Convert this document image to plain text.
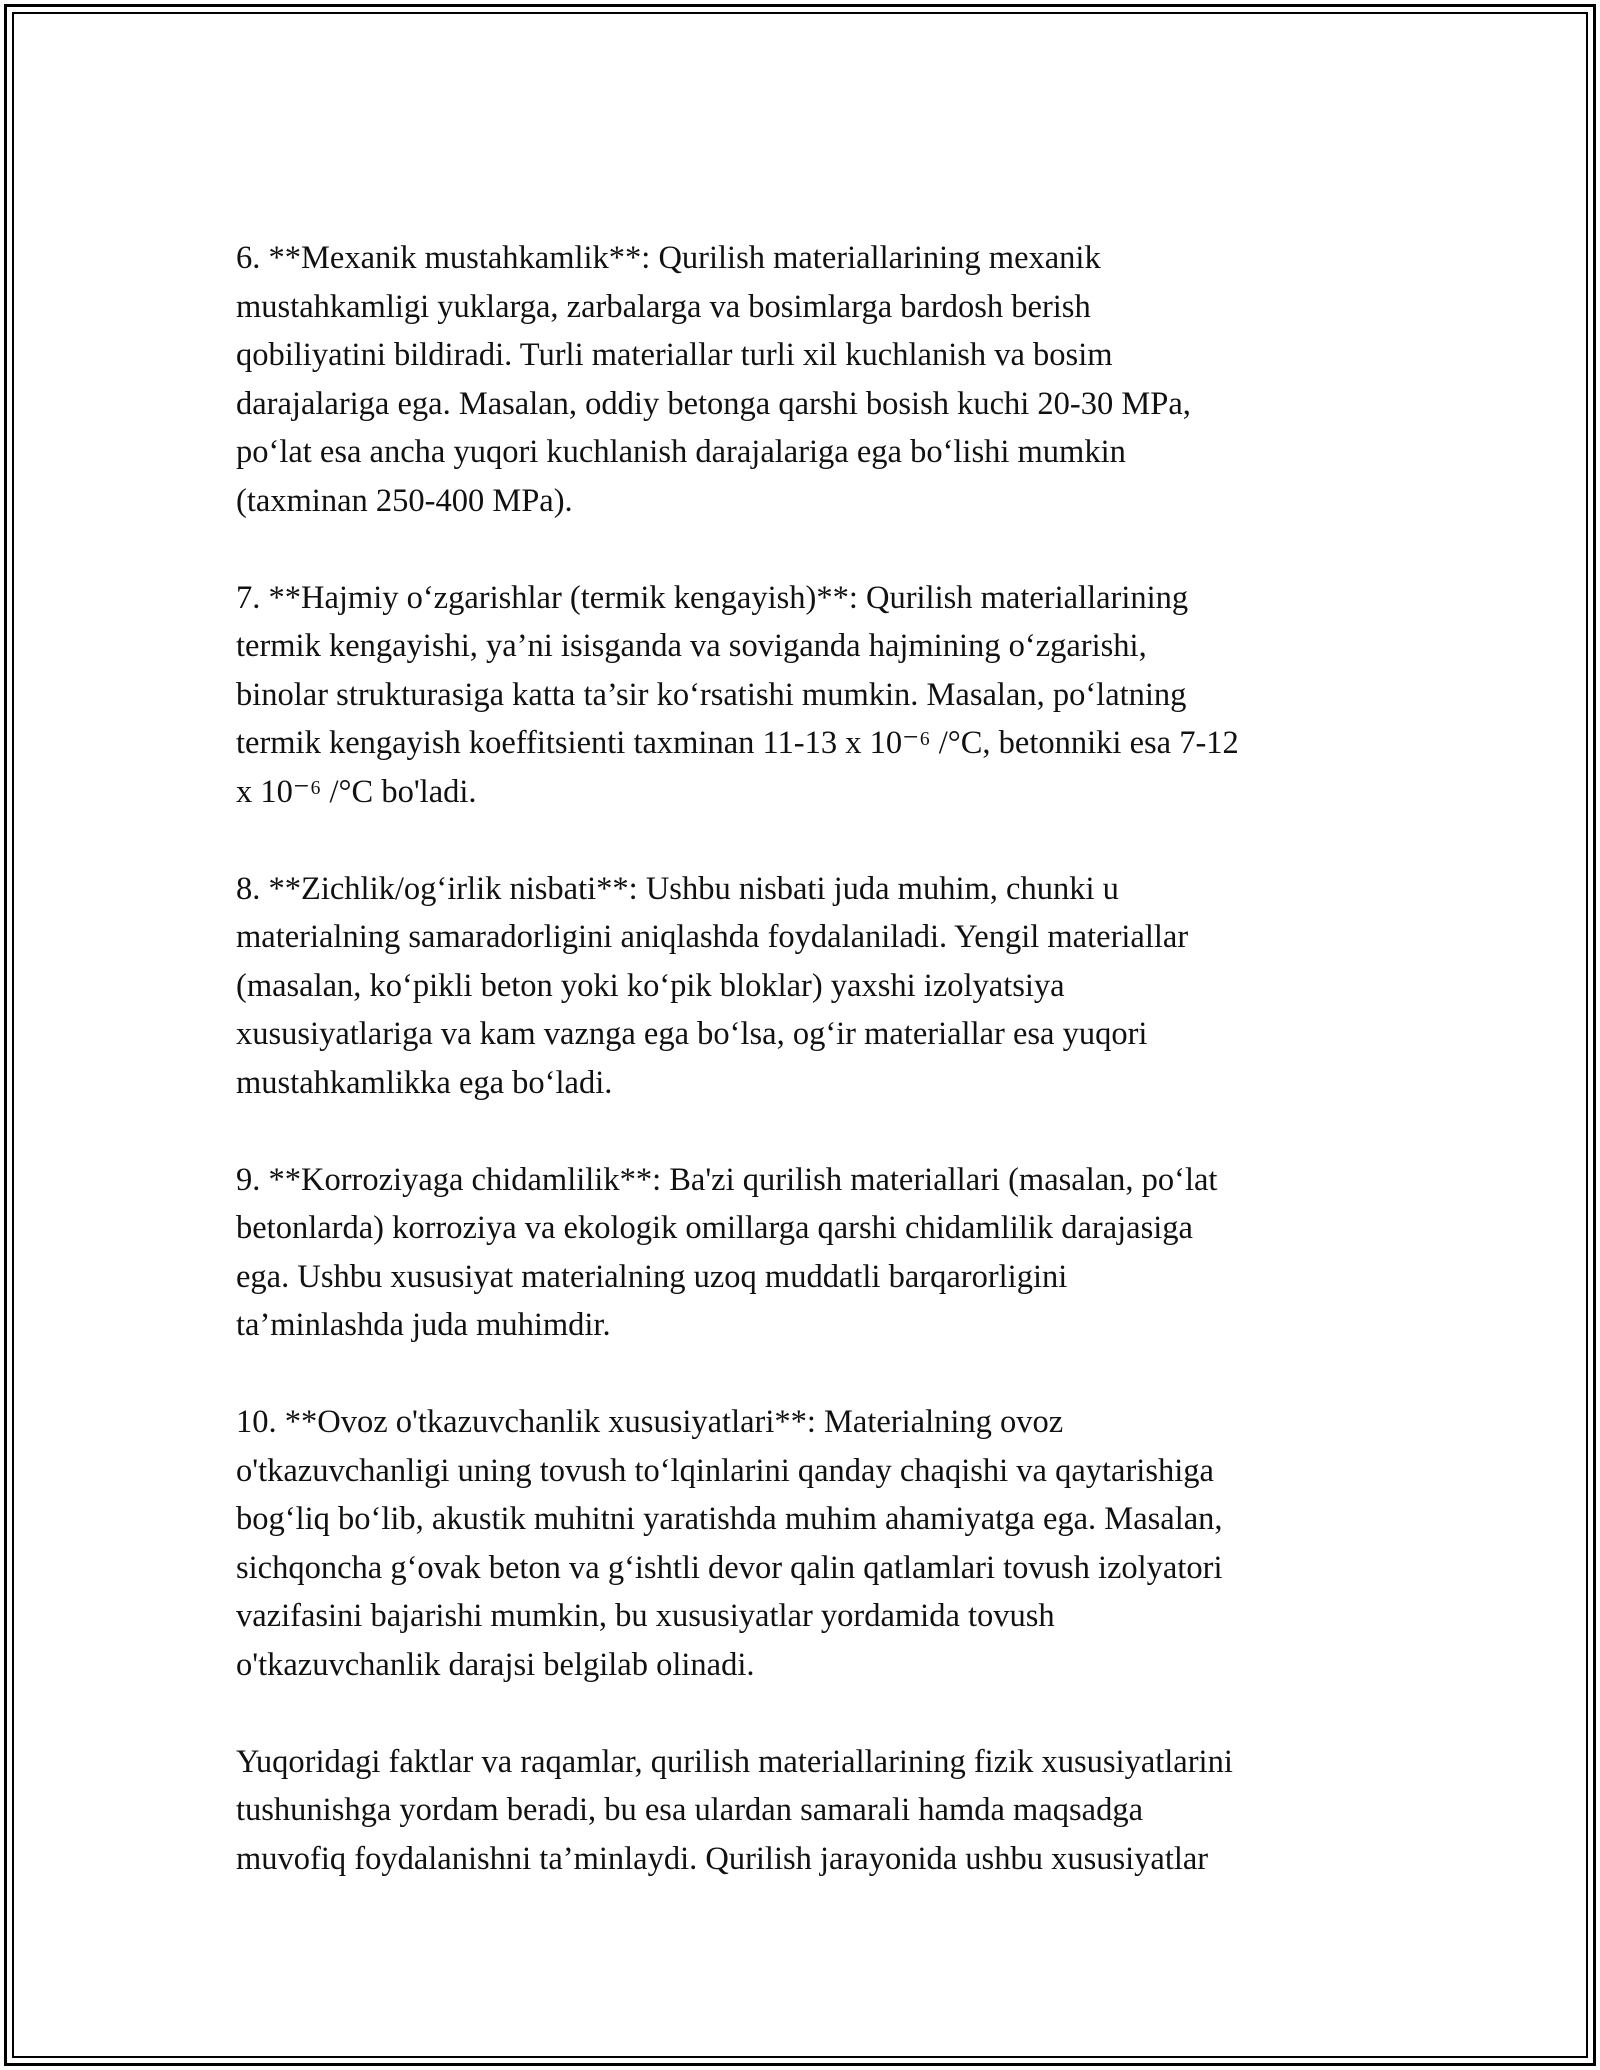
6. **Mexanik mustahkamlik**: Qurilish materiallarining mexanik
mustahkamligi yuklarga, zarbalarga va bosimlarga bardosh berish
qobiliyatini bildiradi. Turli materiallar turli xil kuchlanish va bosim
darajalariga ega. Masalan, oddiy betonga qarshi bosish kuchi 20-30 MPa,
po‘lat esa ancha yuqori kuchlanish darajalariga ega bo‘lishi mumkin
(taxminan 250-400 MPa).

7. **Hajmiy o‘zgarishlar (termik kengayish)**: Qurilish materiallarining
termik kengayishi, ya’ni isisganda va soviganda hajmining o‘zgarishi,
binolar strukturasiga katta ta’sir ko‘rsatishi mumkin. Masalan, po‘latning
termik kengayish koeffitsienti taxminan 11-13 x 10⁻⁶ /°C, betonniki esa 7-12
x 10⁻⁶ /°C bo'ladi.

8. **Zichlik/og‘irlik nisbati**: Ushbu nisbati juda muhim, chunki u
materialning samaradorligini aniqlashda foydalaniladi. Yengil materiallar
(masalan, ko‘pikli beton yoki ko‘pik bloklar) yaxshi izolyatsiya
xususiyatlariga va kam vaznga ega bo‘lsa, og‘ir materiallar esa yuqori
mustahkamlikka ega bo‘ladi.

9. **Korroziyaga chidamlilik**: Ba'zi qurilish materiallari (masalan, po‘lat
betonlarda) korroziya va ekologik omillarga qarshi chidamlilik darajasiga
ega. Ushbu xususiyat materialning uzoq muddatli barqarorligini
ta’minlashda juda muhimdir.

10. **Ovoz o'tkazuvchanlik xususiyatlari**: Materialning ovoz
o'tkazuvchanligi uning tovush to‘lqinlarini qanday chaqishi va qaytarishiga
bog‘liq bo‘lib, akustik muhitni yaratishda muhim ahamiyatga ega. Masalan,
sichqoncha g‘ovak beton va g‘ishtli devor qalin qatlamlari tovush izolyatori
vazifasini bajarishi mumkin, bu xususiyatlar yordamida tovush
o'tkazuvchanlik darajsi belgilab olinadi.

Yuqoridagi faktlar va raqamlar, qurilish materiallarining fizik xususiyatlarini
tushunishga yordam beradi, bu esa ulardan samarali hamda maqsadga
muvofiq foydalanishni ta’minlaydi. Qurilish jarayonida ushbu xususiyatlar
